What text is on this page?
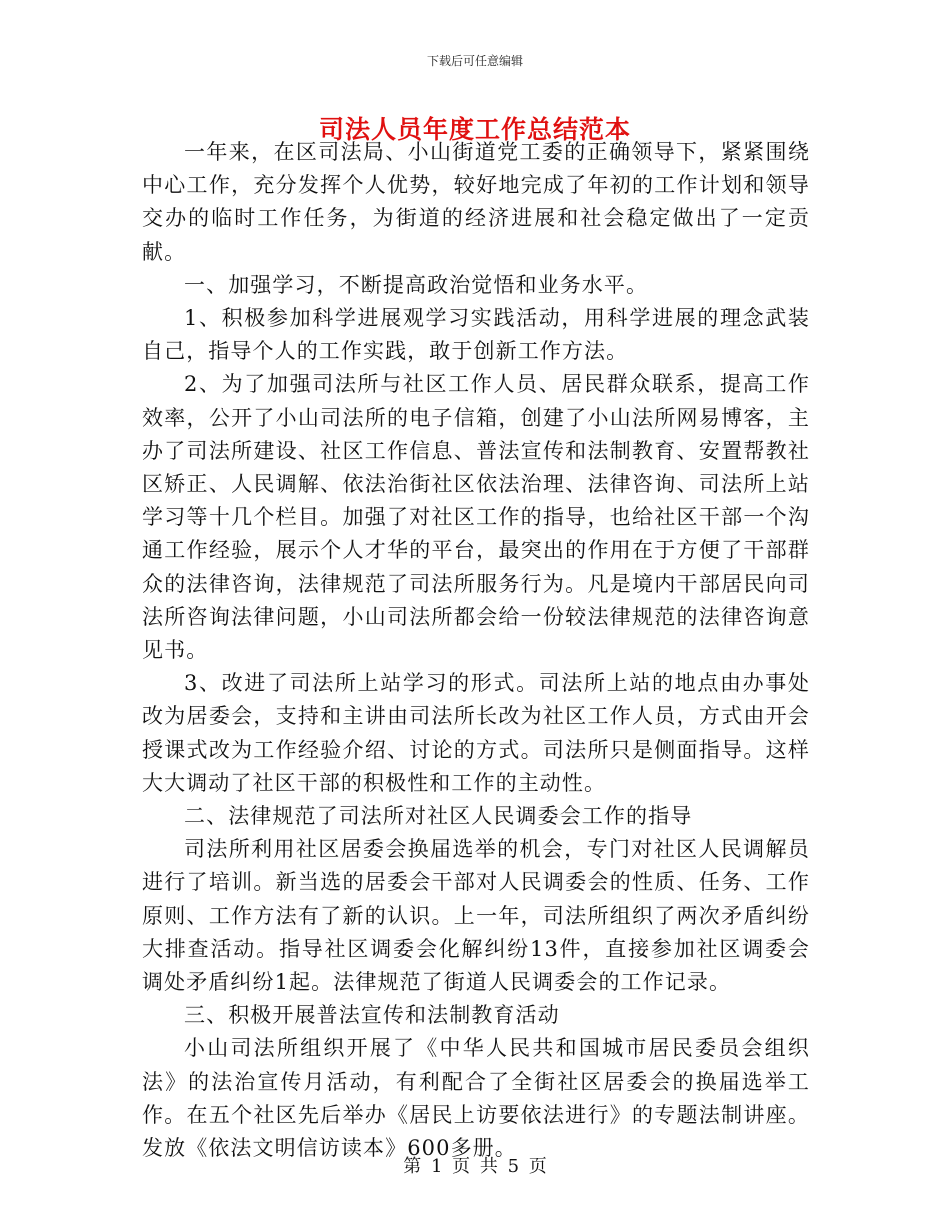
下载后可任意编辑
司法人员年度工作总结范本

一年来，在区司法局、小山街道党工委的正确领导下，紧紧围绕中心工作，充分发挥个人优势，较好地完成了年初的工作计划和领导交办的临时工作任务，为街道的经济进展和社会稳定做出了一定贡献。

一、加强学习，不断提高政治觉悟和业务水平。

1、积极参加科学进展观学习实践活动，用科学进展的理念武装自己，指导个人的工作实践，敢于创新工作方法。

2、为了加强司法所与社区工作人员、居民群众联系，提高工作效率，公开了小山司法所的电子信箱，创建了小山法所网易博客，主办了司法所建设、社区工作信息、普法宣传和法制教育、安置帮教社区矫正、人民调解、依法治街社区依法治理、法律咨询、司法所上站学习等十几个栏目。加强了对社区工作的指导，也给社区干部一个沟通工作经验，展示个人才华的平台，最突出的作用在于方便了干部群众的法律咨询，法律规范了司法所服务行为。凡是境内干部居民向司法所咨询法律问题，小山司法所都会给一份较法律规范的法律咨询意见书。

3、改进了司法所上站学习的形式。司法所上站的地点由办事处改为居委会，支持和主讲由司法所长改为社区工作人员，方式由开会授课式改为工作经验介绍、讨论的方式。司法所只是侧面指导。这样大大调动了社区干部的积极性和工作的主动性。

二、法律规范了司法所对社区人民调委会工作的指导

司法所利用社区居委会换届选举的机会，专门对社区人民调解员进行了培训。新当选的居委会干部对人民调委会的性质、任务、工作原则、工作方法有了新的认识。上一年，司法所组织了两次矛盾纠纷大排查活动。指导社区调委会化解纠纷13件，直接参加社区调委会调处矛盾纠纷1起。法律规范了街道人民调委会的工作记录。

三、积极开展普法宣传和法制教育活动

小山司法所组织开展了《中华人民共和国城市居民委员会组织法》的法治宣传月活动，有利配合了全街社区居委会的换届选举工作。在五个社区先后举办《居民上访要依法进行》的专题法制讲座。发放《依法文明信访读本》600多册。

第 1 页 共 5 页
